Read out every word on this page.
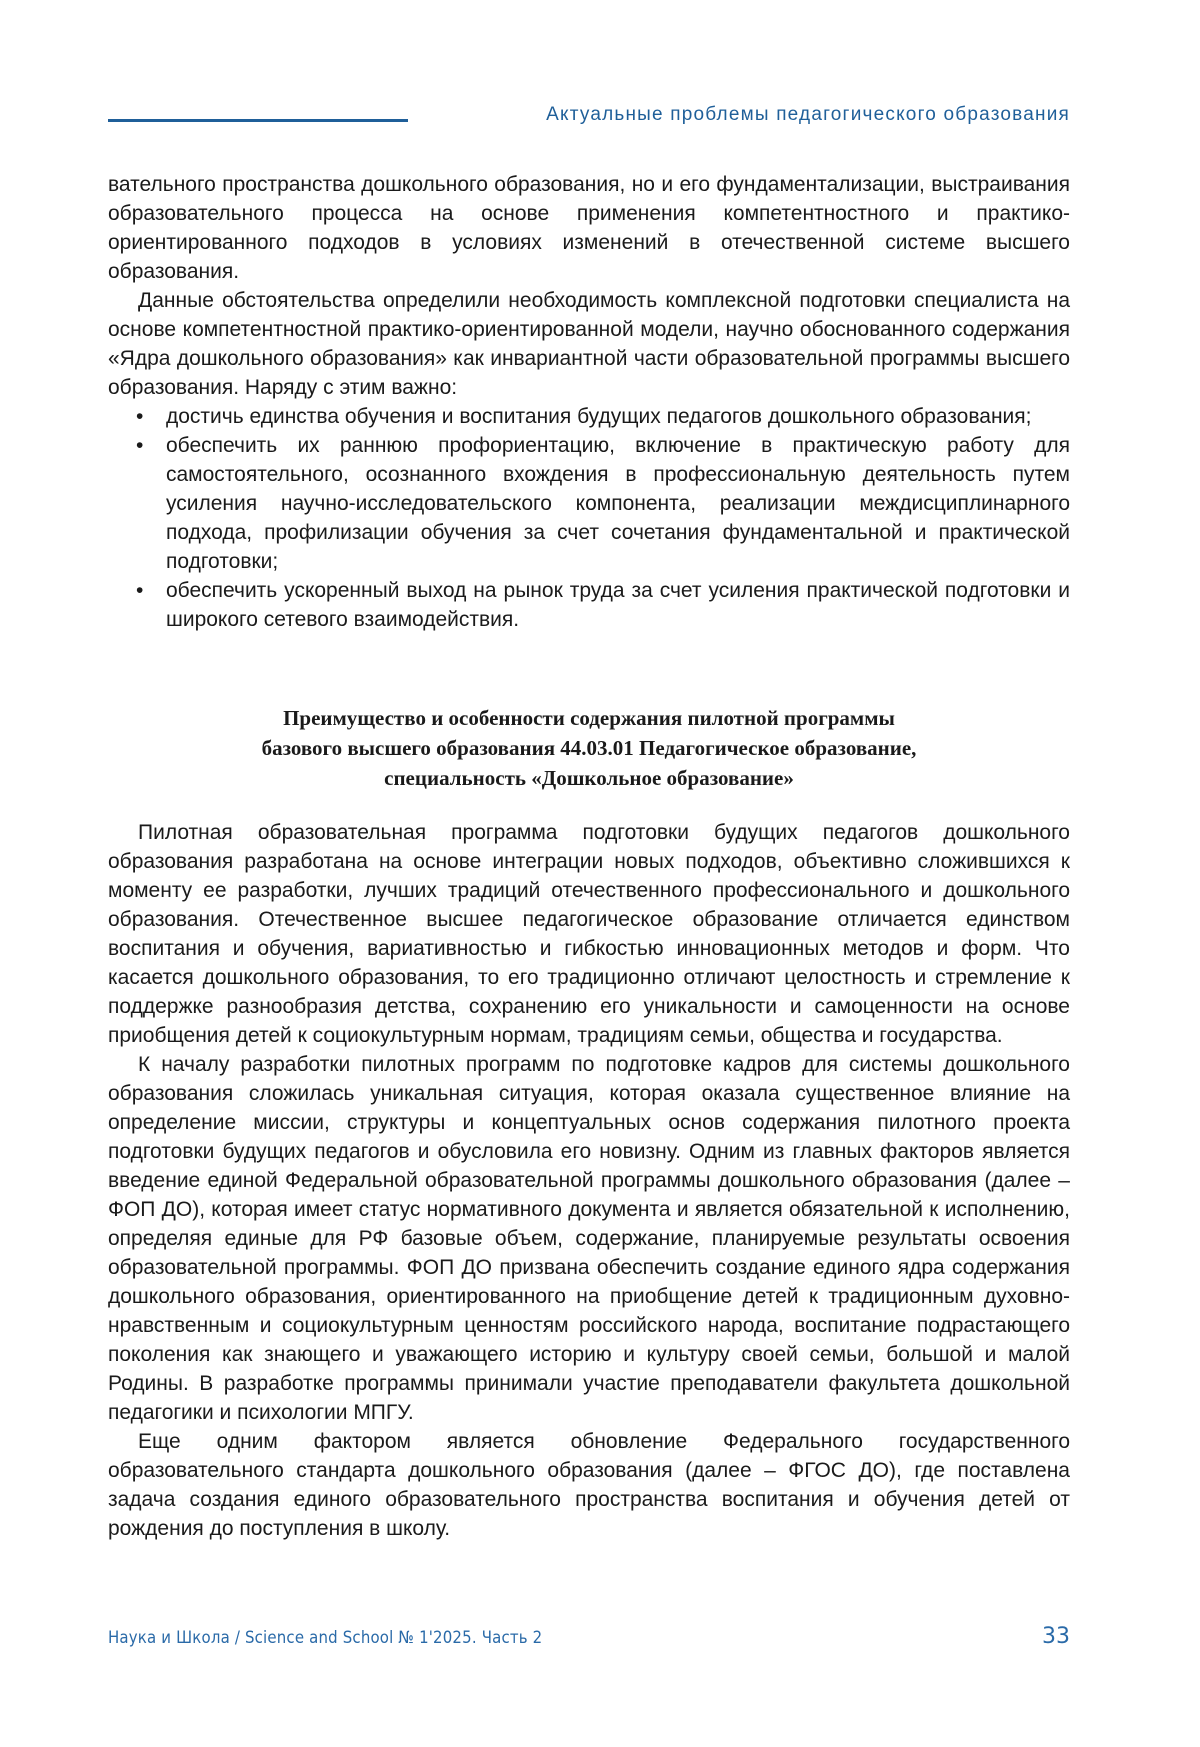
Актуальные проблемы педагогического образования

вательного пространства дошкольного образования, но и его фундаментализации, выстраивания образовательного процесса на основе применения компетентностного и практико-ориентированного подходов в условиях изменений в отечественной системе высшего образования.

Данные обстоятельства определили необходимость комплексной подготовки специалиста на основе компетентностной практико-ориентированной модели, научно обоснованного содержания «Ядра дошкольного образования» как инвариантной части образовательной программы высшего образования. Наряду с этим важно:

• достичь единства обучения и воспитания будущих педагогов дошкольного образования;
• обеспечить их раннюю профориентацию, включение в практическую работу для самостоятельного, осознанного вхождения в профессиональную деятельность путем усиления научно-исследовательского компонента, реализации междисциплинарного подхода, профилизации обучения за счет сочетания фундаментальной и практической подготовки;
• обеспечить ускоренный выход на рынок труда за счет усиления практической подготовки и широкого сетевого взаимодействия.
Преимущество и особенности содержания пилотной программы
базового высшего образования 44.03.01 Педагогическое образование,
специальность «Дошкольное образование»

Пилотная образовательная программа подготовки будущих педагогов дошкольного образования разработана на основе интеграции новых подходов, объективно сложившихся к моменту ее разработки, лучших традиций отечественного профессионального и дошкольного образования. Отечественное высшее педагогическое образование отличается единством воспитания и обучения, вариативностью и гибкостью инновационных методов и форм. Что касается дошкольного образования, то его традиционно отличают целостность и стремление к поддержке разнообразия детства, сохранению его уникальности и самоценности на основе приобщения детей к социокультурным нормам, традициям семьи, общества и государства.

К началу разработки пилотных программ по подготовке кадров для системы дошкольного образования сложилась уникальная ситуация, которая оказала существенное влияние на определение миссии, структуры и концептуальных основ содержания пилотного проекта подготовки будущих педагогов и обусловила его новизну. Одним из главных факторов является введение единой Федеральной образовательной программы дошкольного образования (далее – ФОП ДО), которая имеет статус нормативного документа и является обязательной к исполнению, определяя единые для РФ базовые объем, содержание, планируемые результаты освоения образовательной программы. ФОП ДО призвана обеспечить создание единого ядра содержания дошкольного образования, ориентированного на приобщение детей к традиционным духовно-нравственным и социокультурным ценностям российского народа, воспитание подрастающего поколения как знающего и уважающего историю и культуру своей семьи, большой и малой Родины. В разработке программы принимали участие преподаватели факультета дошкольной педагогики и психологии МПГУ.

Еще одним фактором является обновление Федерального государственного образовательного стандарта дошкольного образования (далее – ФГОС ДО), где поставлена задача создания единого образовательного пространства воспитания и обучения детей от рождения до поступления в школу.

Наука и Школа / Science and School № 1'2025. Часть 2	33
